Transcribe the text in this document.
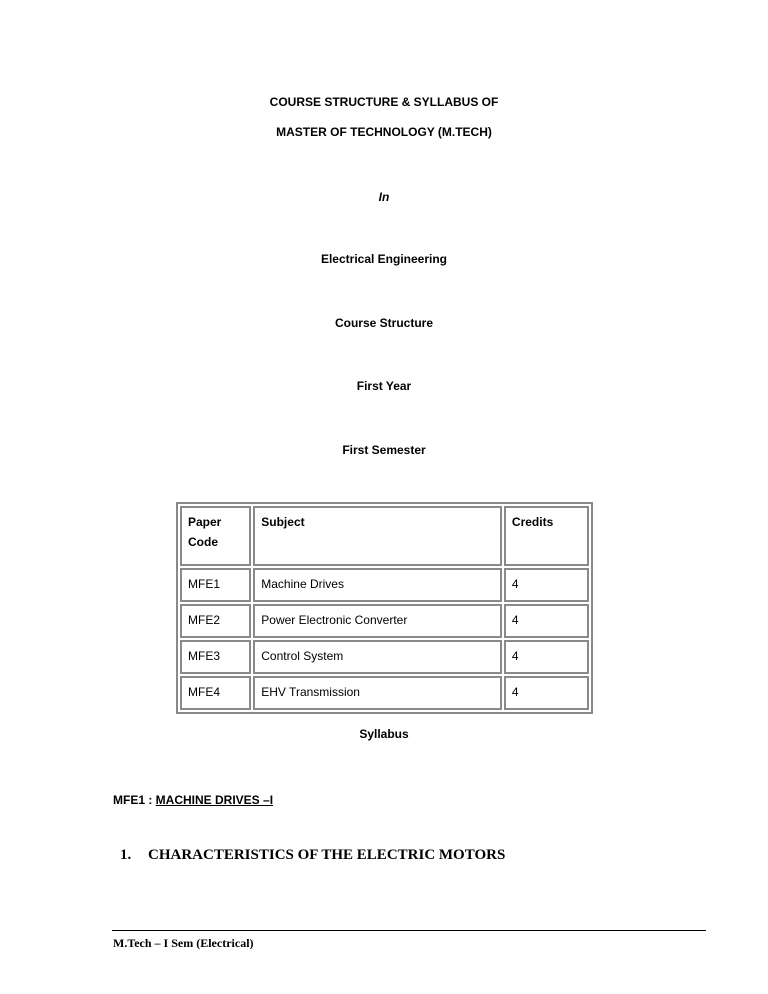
COURSE STRUCTURE & SYLLABUS OF
MASTER OF TECHNOLOGY (M.TECH)
In
Electrical Engineering
Course Structure
First Year
First Semester
Paper Code	Subject	Credits
MFE1	Machine Drives	4
MFE2	Power Electronic Converter	4
MFE3	Control System	4
MFE4	EHV Transmission	4
Syllabus
MFE1 : MACHINE DRIVES –I
1. CHARACTERISTICS OF THE ELECTRIC MOTORS
M.Tech – I Sem (Electrical)
